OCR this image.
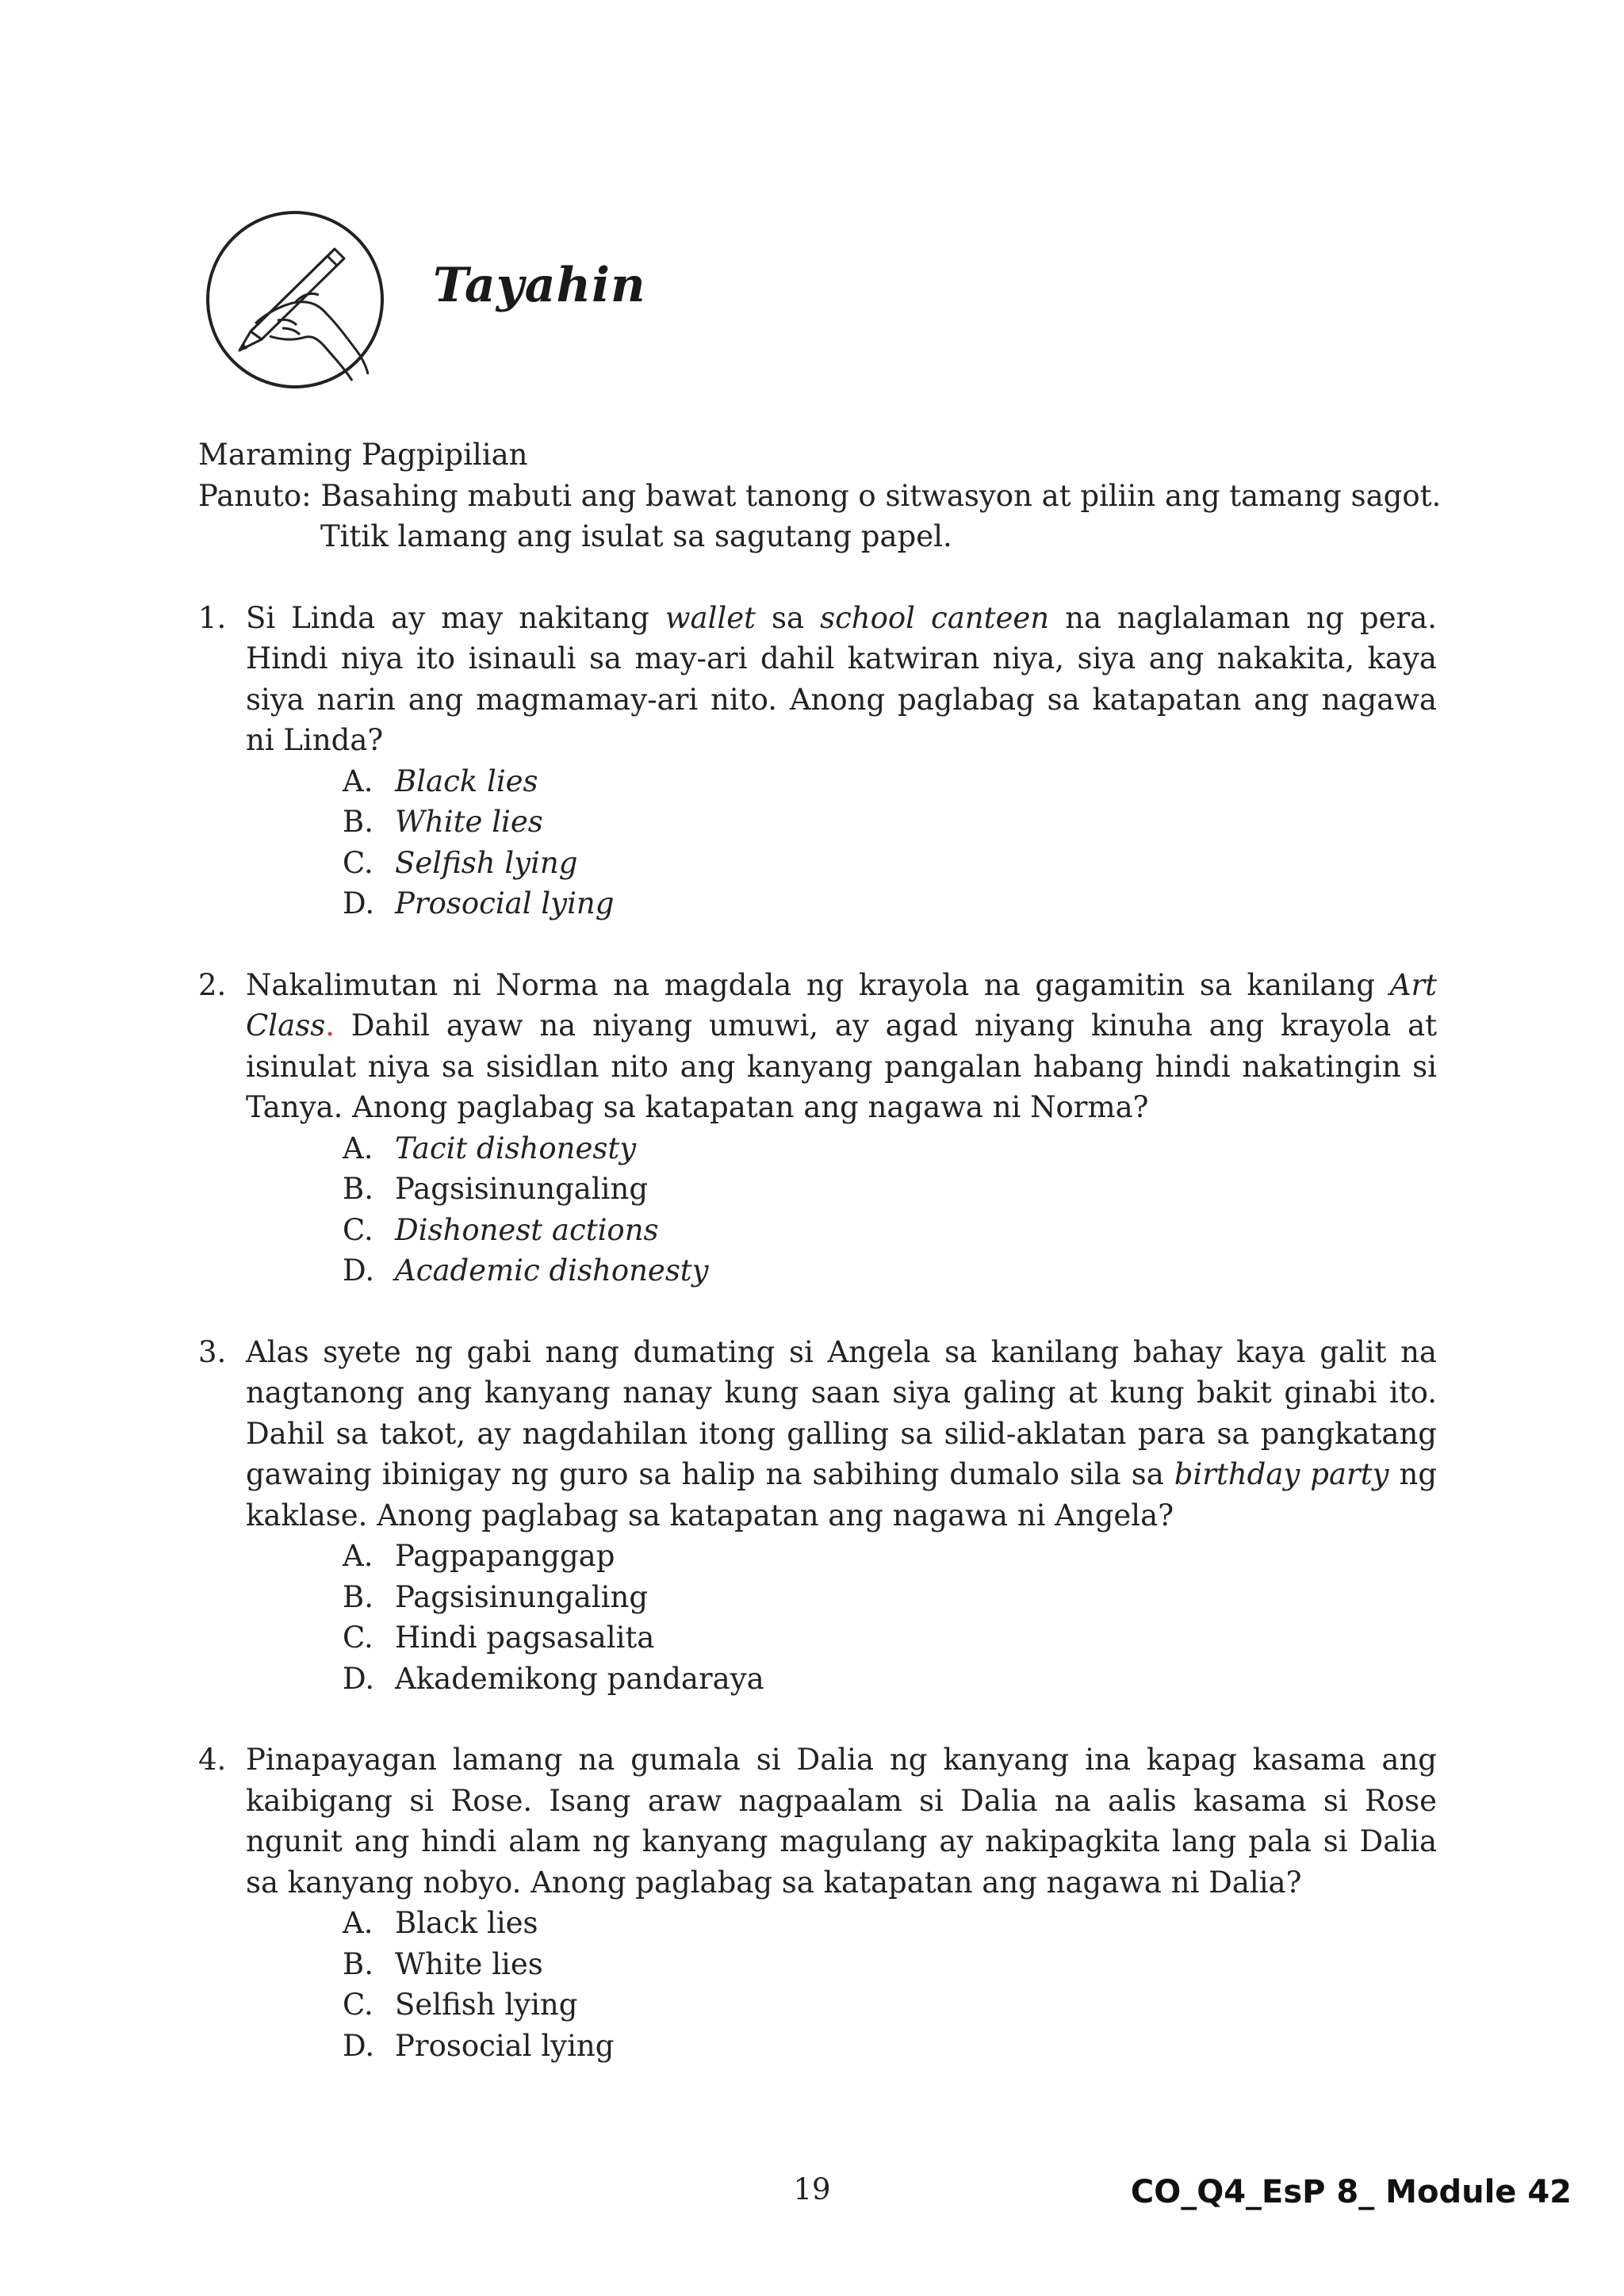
Tayahin
Maraming Pagpipilian
Panuto: Basahing mabuti ang bawat tanong o sitwasyon at piliin ang tamang sagot.
Titik lamang ang isulat sa sagutang papel.
1. Si Linda ay may nakitang wallet sa school canteen na naglalaman ng pera.
Hindi niya ito isinauli sa may-ari dahil katwiran niya, siya ang nakakita, kaya
siya narin ang magmamay-ari nito. Anong paglabag sa katapatan ang nagawa
ni Linda?
A. Black lies
B. White lies
C. Selfish lying
D. Prosocial lying
2. Nakalimutan ni Norma na magdala ng krayola na gagamitin sa kanilang Art
Class. Dahil ayaw na niyang umuwi, ay agad niyang kinuha ang krayola at
isinulat niya sa sisidlan nito ang kanyang pangalan habang hindi nakatingin si
Tanya. Anong paglabag sa katapatan ang nagawa ni Norma?
A. Tacit dishonesty
B. Pagsisinungaling
C. Dishonest actions
D. Academic dishonesty
3. Alas syete ng gabi nang dumating si Angela sa kanilang bahay kaya galit na
nagtanong ang kanyang nanay kung saan siya galing at kung bakit ginabi ito.
Dahil sa takot, ay nagdahilan itong galling sa silid-aklatan para sa pangkatang
gawaing ibinigay ng guro sa halip na sabihing dumalo sila sa birthday party ng
kaklase. Anong paglabag sa katapatan ang nagawa ni Angela?
A. Pagpapanggap
B. Pagsisinungaling
C. Hindi pagsasalita
D. Akademikong pandaraya
4. Pinapayagan lamang na gumala si Dalia ng kanyang ina kapag kasama ang
kaibigang si Rose. Isang araw nagpaalam si Dalia na aalis kasama si Rose
ngunit ang hindi alam ng kanyang magulang ay nakipagkita lang pala si Dalia
sa kanyang nobyo. Anong paglabag sa katapatan ang nagawa ni Dalia?
A. Black lies
B. White lies
C. Selfish lying
D. Prosocial lying
19	CO_Q4_EsP 8_ Module 42
